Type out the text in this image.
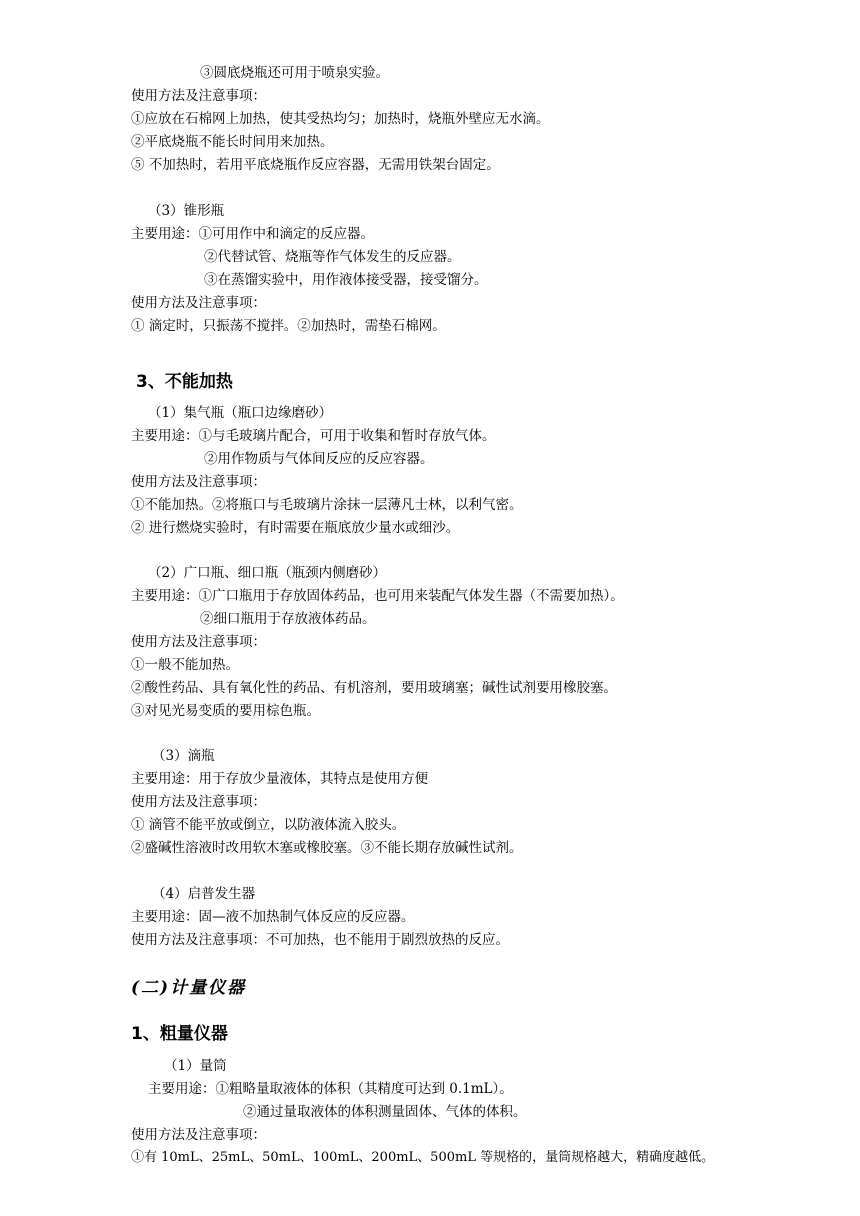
③圆底烧瓶还可用于喷泉实验。
使用方法及注意事项：
①应放在石棉网上加热，使其受热均匀；加热时，烧瓶外壁应无水滴。
②平底烧瓶不能长时间用来加热。
⑤ 不加热时，若用平底烧瓶作反应容器，无需用铁架台固定。
（3）锥形瓶
主要用途：①可用作中和滴定的反应器。
②代替试管、烧瓶等作气体发生的反应器。
③在蒸馏实验中，用作液体接受器，接受馏分。
使用方法及注意事项：
① 滴定时，只振荡不搅拌。②加热时，需垫石棉网。
3、不能加热
（1）集气瓶（瓶口边缘磨砂）
主要用途：①与毛玻璃片配合，可用于收集和暂时存放气体。
②用作物质与气体间反应的反应容器。
使用方法及注意事项：
①不能加热。②将瓶口与毛玻璃片涂抹一层薄凡士林，以利气密。
② 进行燃烧实验时，有时需要在瓶底放少量水或细沙。
（2）广口瓶、细口瓶（瓶颈内侧磨砂）
主要用途：①广口瓶用于存放固体药品，也可用来装配气体发生器（不需要加热）。
②细口瓶用于存放液体药品。
使用方法及注意事项：
①一般不能加热。
②酸性药品、具有氧化性的药品、有机溶剂，要用玻璃塞；碱性试剂要用橡胶塞。
③对见光易变质的要用棕色瓶。
（3）滴瓶
主要用途：用于存放少量液体，其特点是使用方便
使用方法及注意事项：
① 滴管不能平放或倒立，以防液体流入胶头。
②盛碱性溶液时改用软木塞或橡胶塞。③不能长期存放碱性试剂。
（4）启普发生器
主要用途：固—液不加热制气体反应的反应器。
使用方法及注意事项：不可加热，也不能用于剧烈放热的反应。
(二)计量仪器
1、粗量仪器
（1）量筒
主要用途：①粗略量取液体的体积（其精度可达到 0.1mL）。
②通过量取液体的体积测量固体、气体的体积。
使用方法及注意事项：
①有 10mL、25mL、50mL、100mL、200mL、500mL 等规格的，量筒规格越大，精确度越低。
